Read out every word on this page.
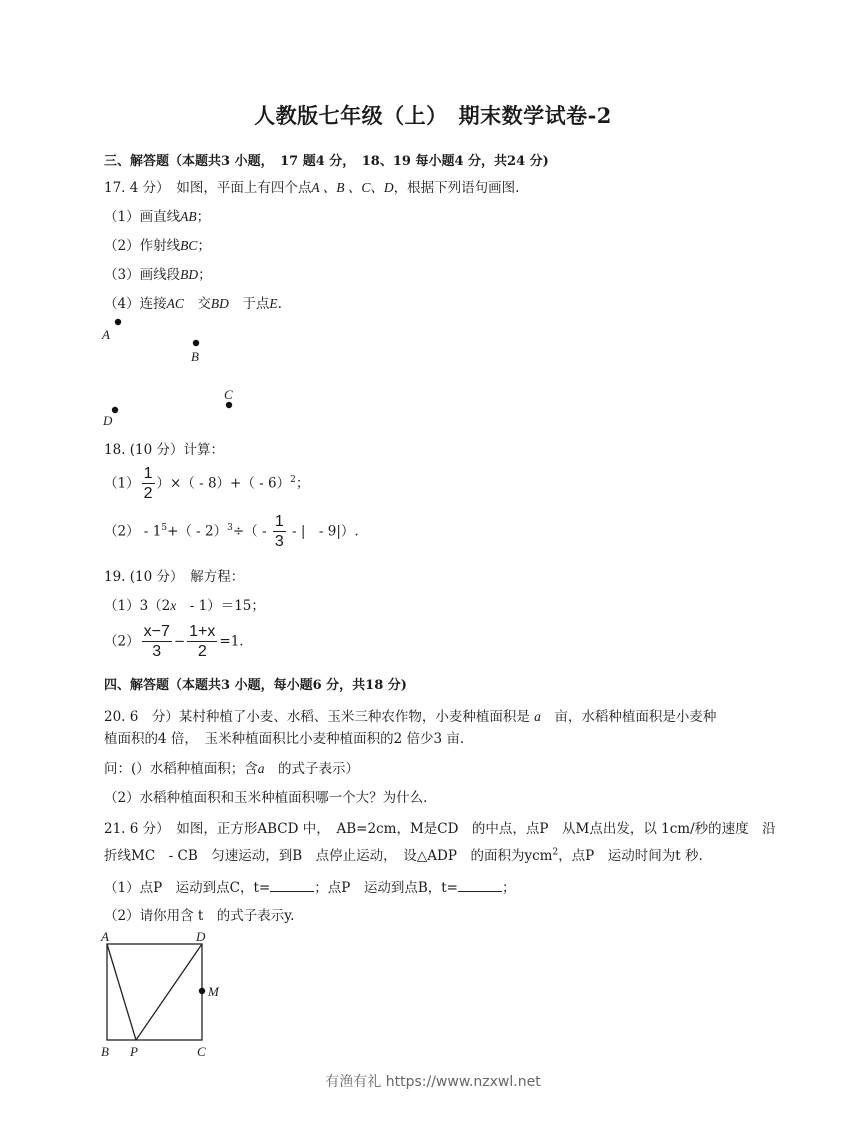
人教版七年级（上）　期末数学试卷-2
三、解答题（本题共3 小题，　17 题4 分，　18、19 每小题4 分，共24 分)
17. 4 分）　如图，平面上有四个点A 、B 、C、D，根据下列语句画图.
（1）画直线AB；
（2）作射线BC；
（3）画线段BD；
（4）连接AC　交BD　于点E.
A
B
C
D
18. (10 分）计算：
$(1) \frac{1}{2}$ ）×（ - 8）+（ - 6）$^2$；
$(2) - 1^5+( - 2)^3\div( - \frac{1}{3}$ - |　- 9|）.
19. (10 分）　解方程：
（1）3（2x　- 1）＝15；
$(2) \frac{x-7}{3} - \frac{1+x}{2} =1$.
四、解答题（本题共3 小题，每小题6 分，共18 分)
20. 6　分）某村种植了小麦、水稻、玉米三种农作物，小麦种植面积是 a　亩，水稻种植面积是小麦种
植面积的4 倍，　玉米种植面积比小麦种植面积的2 倍少3 亩.
问：(）水稻种植面积；含a　的式子表示）
（2）水稻种植面积和玉米种植面积哪一个大？为什么.
21. 6 分）　如图，正方形ABCD 中，　AB=2cm，M是CD　的中点，点P　从M点出发，以 1cm/秒的速度　沿
折线MC　- CB　匀速运动，到B　点停止运动，　设△ADP　的面积为ycm$^2$，点P　运动时间为t 秒.
（1）点P　运动到点C，t=	；点P　运动到点B，t=	；
（2）请你用含 t　的式子表示y.
A	D
M
B P	C
有渔有礼 https://www.nzxwl.net
